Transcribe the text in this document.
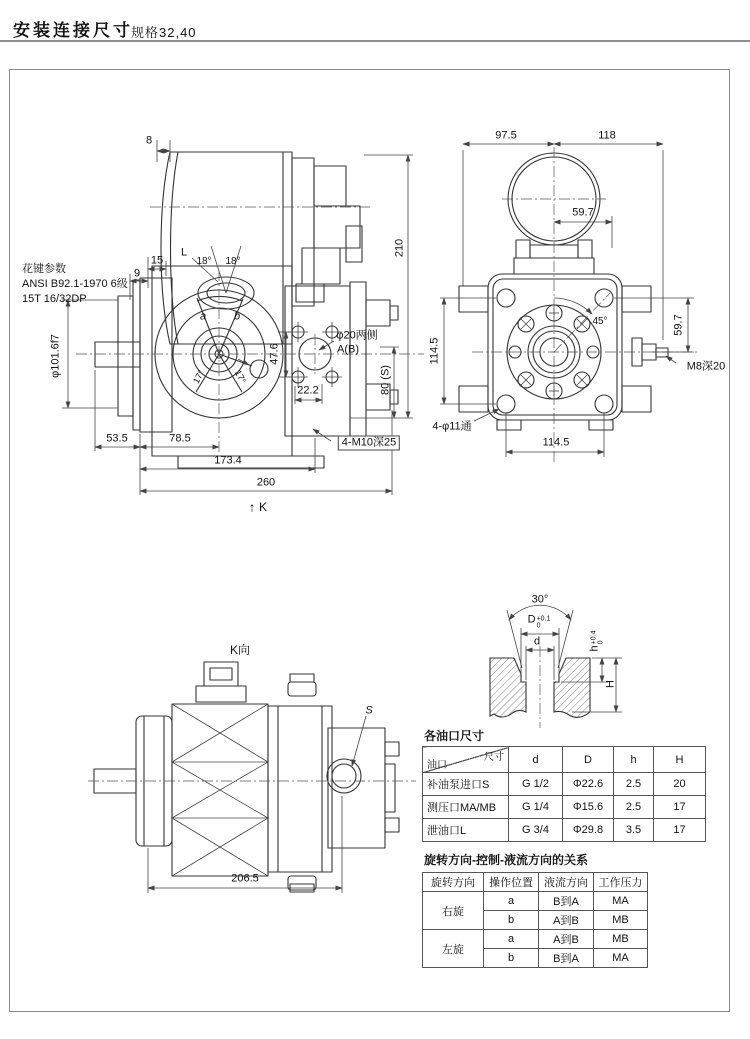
安装连接尺寸
规格32,40
花键参数
ANSI B92.1-1970 6级
15T 16/32DP
8
15
9
L
18° 18°
φ101.6f7	47.6
φ20两侧
A(B)
22.2
210
80 (S)
53.5	78.5
173.4
260
4-M10深25
17°	17°
a	b
↑ K
97.5	118
59.7
114.5
45°	59.7
M8深20
4-φ11通
114.5
K向
S
206.5
30°
D +0.1
0
d
h
+0.4 0
H
各油口尺寸
尺寸
油口	d	D	h	H
补油泵进口S	G 1/2	Φ22.6	2.5	20
测压口MA/MB	G 1/4	Φ15.6	2.5	17
泄油口L	G 3/4	Φ29.8	3.5	17
旋转方向-控制-液流方向的关系
旋转方向	操作位置	液流方向	工作压力
右旋	a	B到A	MA
	b	A到B	MB
左旋	a	A到B	MB
	b	B到A	MA
